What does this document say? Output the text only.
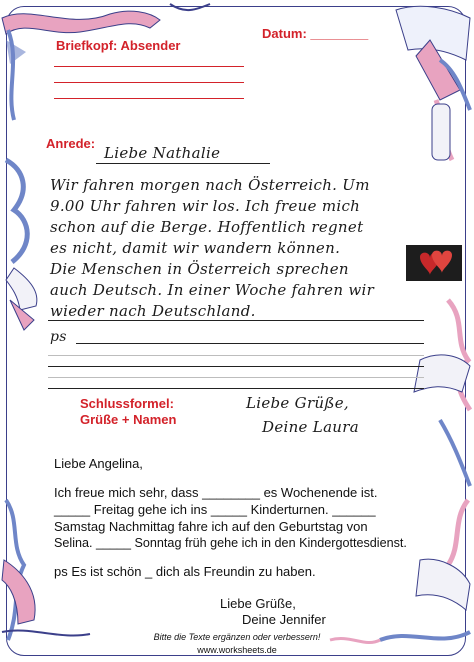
Datum: ________
Briefkopf: Absender
Anrede:
Liebe Nathalie
Wir fahren morgen nach Österreich. Um
9.00 Uhr fahren wir los. Ich freue mich
schon auf die Berge. Hoffentlich regnet
es nicht, damit wir wandern können.
Die Menschen in Österreich sprechen
auch Deutsch. In einer Woche fahren wir
wieder nach Deutschland.
ps
Schlussformel:
Grüße + Namen
Liebe Grüße,
Deine Laura
Liebe Angelina,
Ich freue mich sehr, dass ________ es Wochenende ist.
_____ Freitag gehe ich ins _____ Kinderturnen. ______
Samstag Nachmittag fahre ich auf den Geburtstag von
Selina. _____ Sonntag früh gehe ich in den Kindergottesdienst.
ps Es ist schön _ dich als Freundin zu haben.
Liebe Grüße,
Deine Jennifer
Bitte die Texte ergänzen oder verbessern!
www.worksheets.de
